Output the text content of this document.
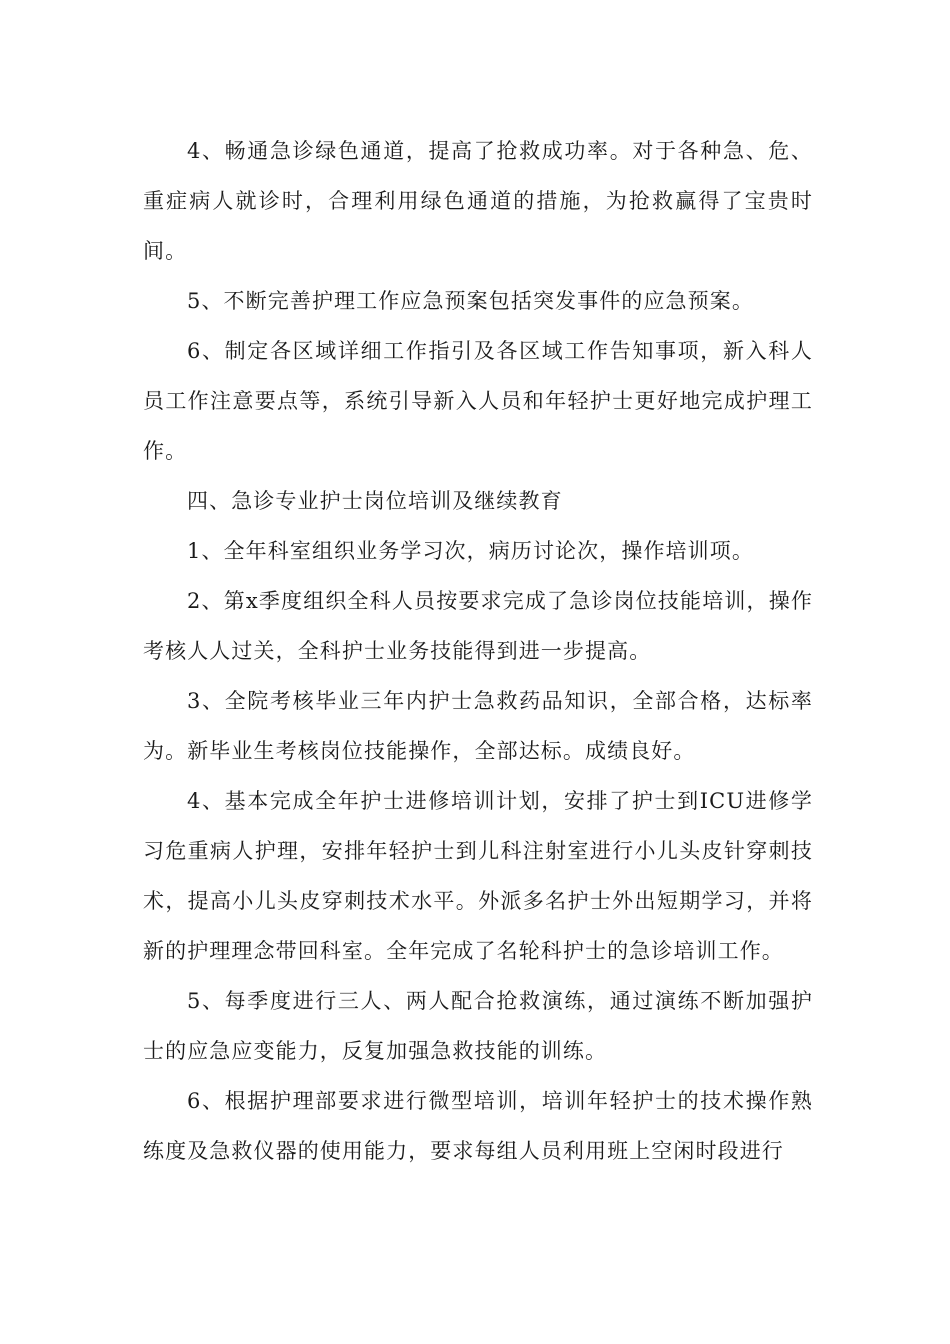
4、畅通急诊绿色通道，提高了抢救成功率。对于各种急、危、重症病人就诊时，合理利用绿色通道的措施，为抢救赢得了宝贵时间。

5、不断完善护理工作应急预案包括突发事件的应急预案。

6、制定各区域详细工作指引及各区域工作告知事项，新入科人员工作注意要点等，系统引导新入人员和年轻护士更好地完成护理工作。

四、急诊专业护士岗位培训及继续教育

1、全年科室组织业务学习次，病历讨论次，操作培训项。

2、第x季度组织全科人员按要求完成了急诊岗位技能培训，操作考核人人过关，全科护士业务技能得到进一步提高。

3、全院考核毕业三年内护士急救药品知识，全部合格，达标率为。新毕业生考核岗位技能操作，全部达标。成绩良好。

4、基本完成全年护士进修培训计划，安排了护士到ICU进修学习危重病人护理，安排年轻护士到儿科注射室进行小儿头皮针穿刺技术，提高小儿头皮穿刺技术水平。外派多名护士外出短期学习，并将新的护理理念带回科室。全年完成了名轮科护士的急诊培训工作。

5、每季度进行三人、两人配合抢救演练，通过演练不断加强护士的应急应变能力，反复加强急救技能的训练。

6、根据护理部要求进行微型培训，培训年轻护士的技术操作熟练度及急救仪器的使用能力，要求每组人员利用班上空闲时段进行
